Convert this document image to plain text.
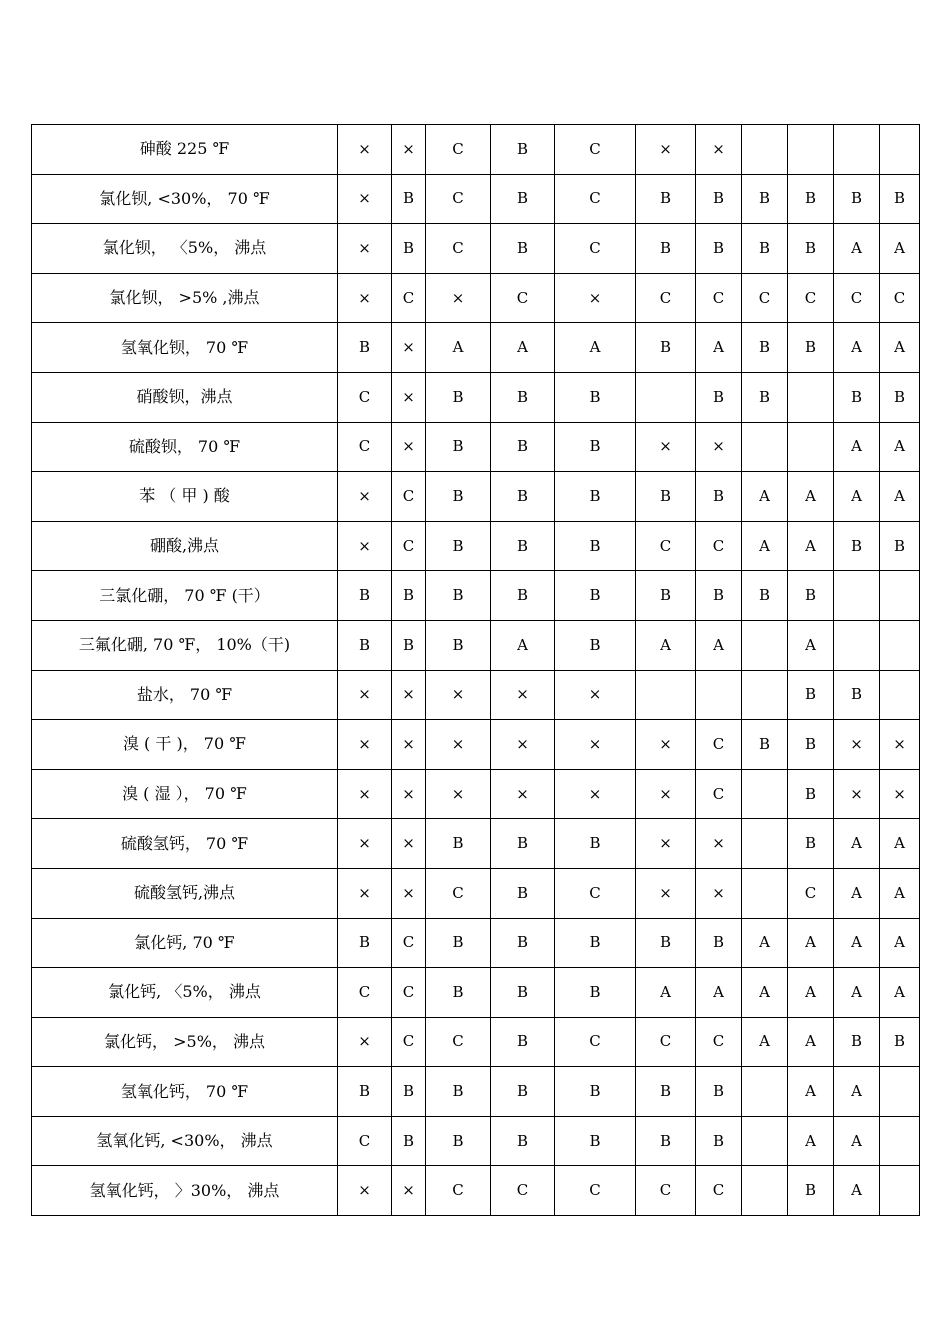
砷酸 225 ℉	×	×	C	B	C	×	×				
氯化钡, <30%， 70 ℉	×	B	C	B	C	B	B	B	B	B	B
氯化钡， 〈5%， 沸点	×	B	C	B	C	B	B	B	B	A	A
氯化钡， >5% ,沸点	×	C	×	C	×	C	C	C	C	C	C
氢氧化钡， 70 ℉	B	×	A	A	A	B	A	B	B	A	A
硝酸钡，沸点	C	×	B	B	B		B	B		B	B
硫酸钡， 70 ℉	C	×	B	B	B	×	×			A	A
苯 （ 甲 ) 酸	×	C	B	B	B	B	B	A	A	A	A
硼酸,沸点	×	C	B	B	B	C	C	A	A	B	B
三氯化硼， 70 ℉ (干）	B	B	B	B	B	B	B	B	B		
三氟化硼, 70 ℉， 10%（干)	B	B	B	A	B	A	A		A		
盐水， 70 ℉	×	×	×	×	×				B	B	
溴 ( 干 )， 70 ℉	×	×	×	×	×	×	C	B	B	×	×
溴 ( 湿 ）， 70 ℉	×	×	×	×	×	×	C		B	×	×
硫酸氢钙， 70 ℉	×	×	B	B	B	×	×		B	A	A
硫酸氢钙,沸点	×	×	C	B	C	×	×		C	A	A
氯化钙, 70 ℉	B	C	B	B	B	B	B	A	A	A	A
氯化钙, 〈5%， 沸点	C	C	B	B	B	A	A	A	A	A	A
氯化钙， >5%， 沸点	×	C	C	B	C	C	C	A	A	B	B
氢氧化钙， 70 ℉	B	B	B	B	B	B	B		A	A	
氢氧化钙, <30%， 沸点	C	B	B	B	B	B	B		A	A	
氢氧化钙， 〉30%， 沸点	×	×	C	C	C	C	C		B	A	
